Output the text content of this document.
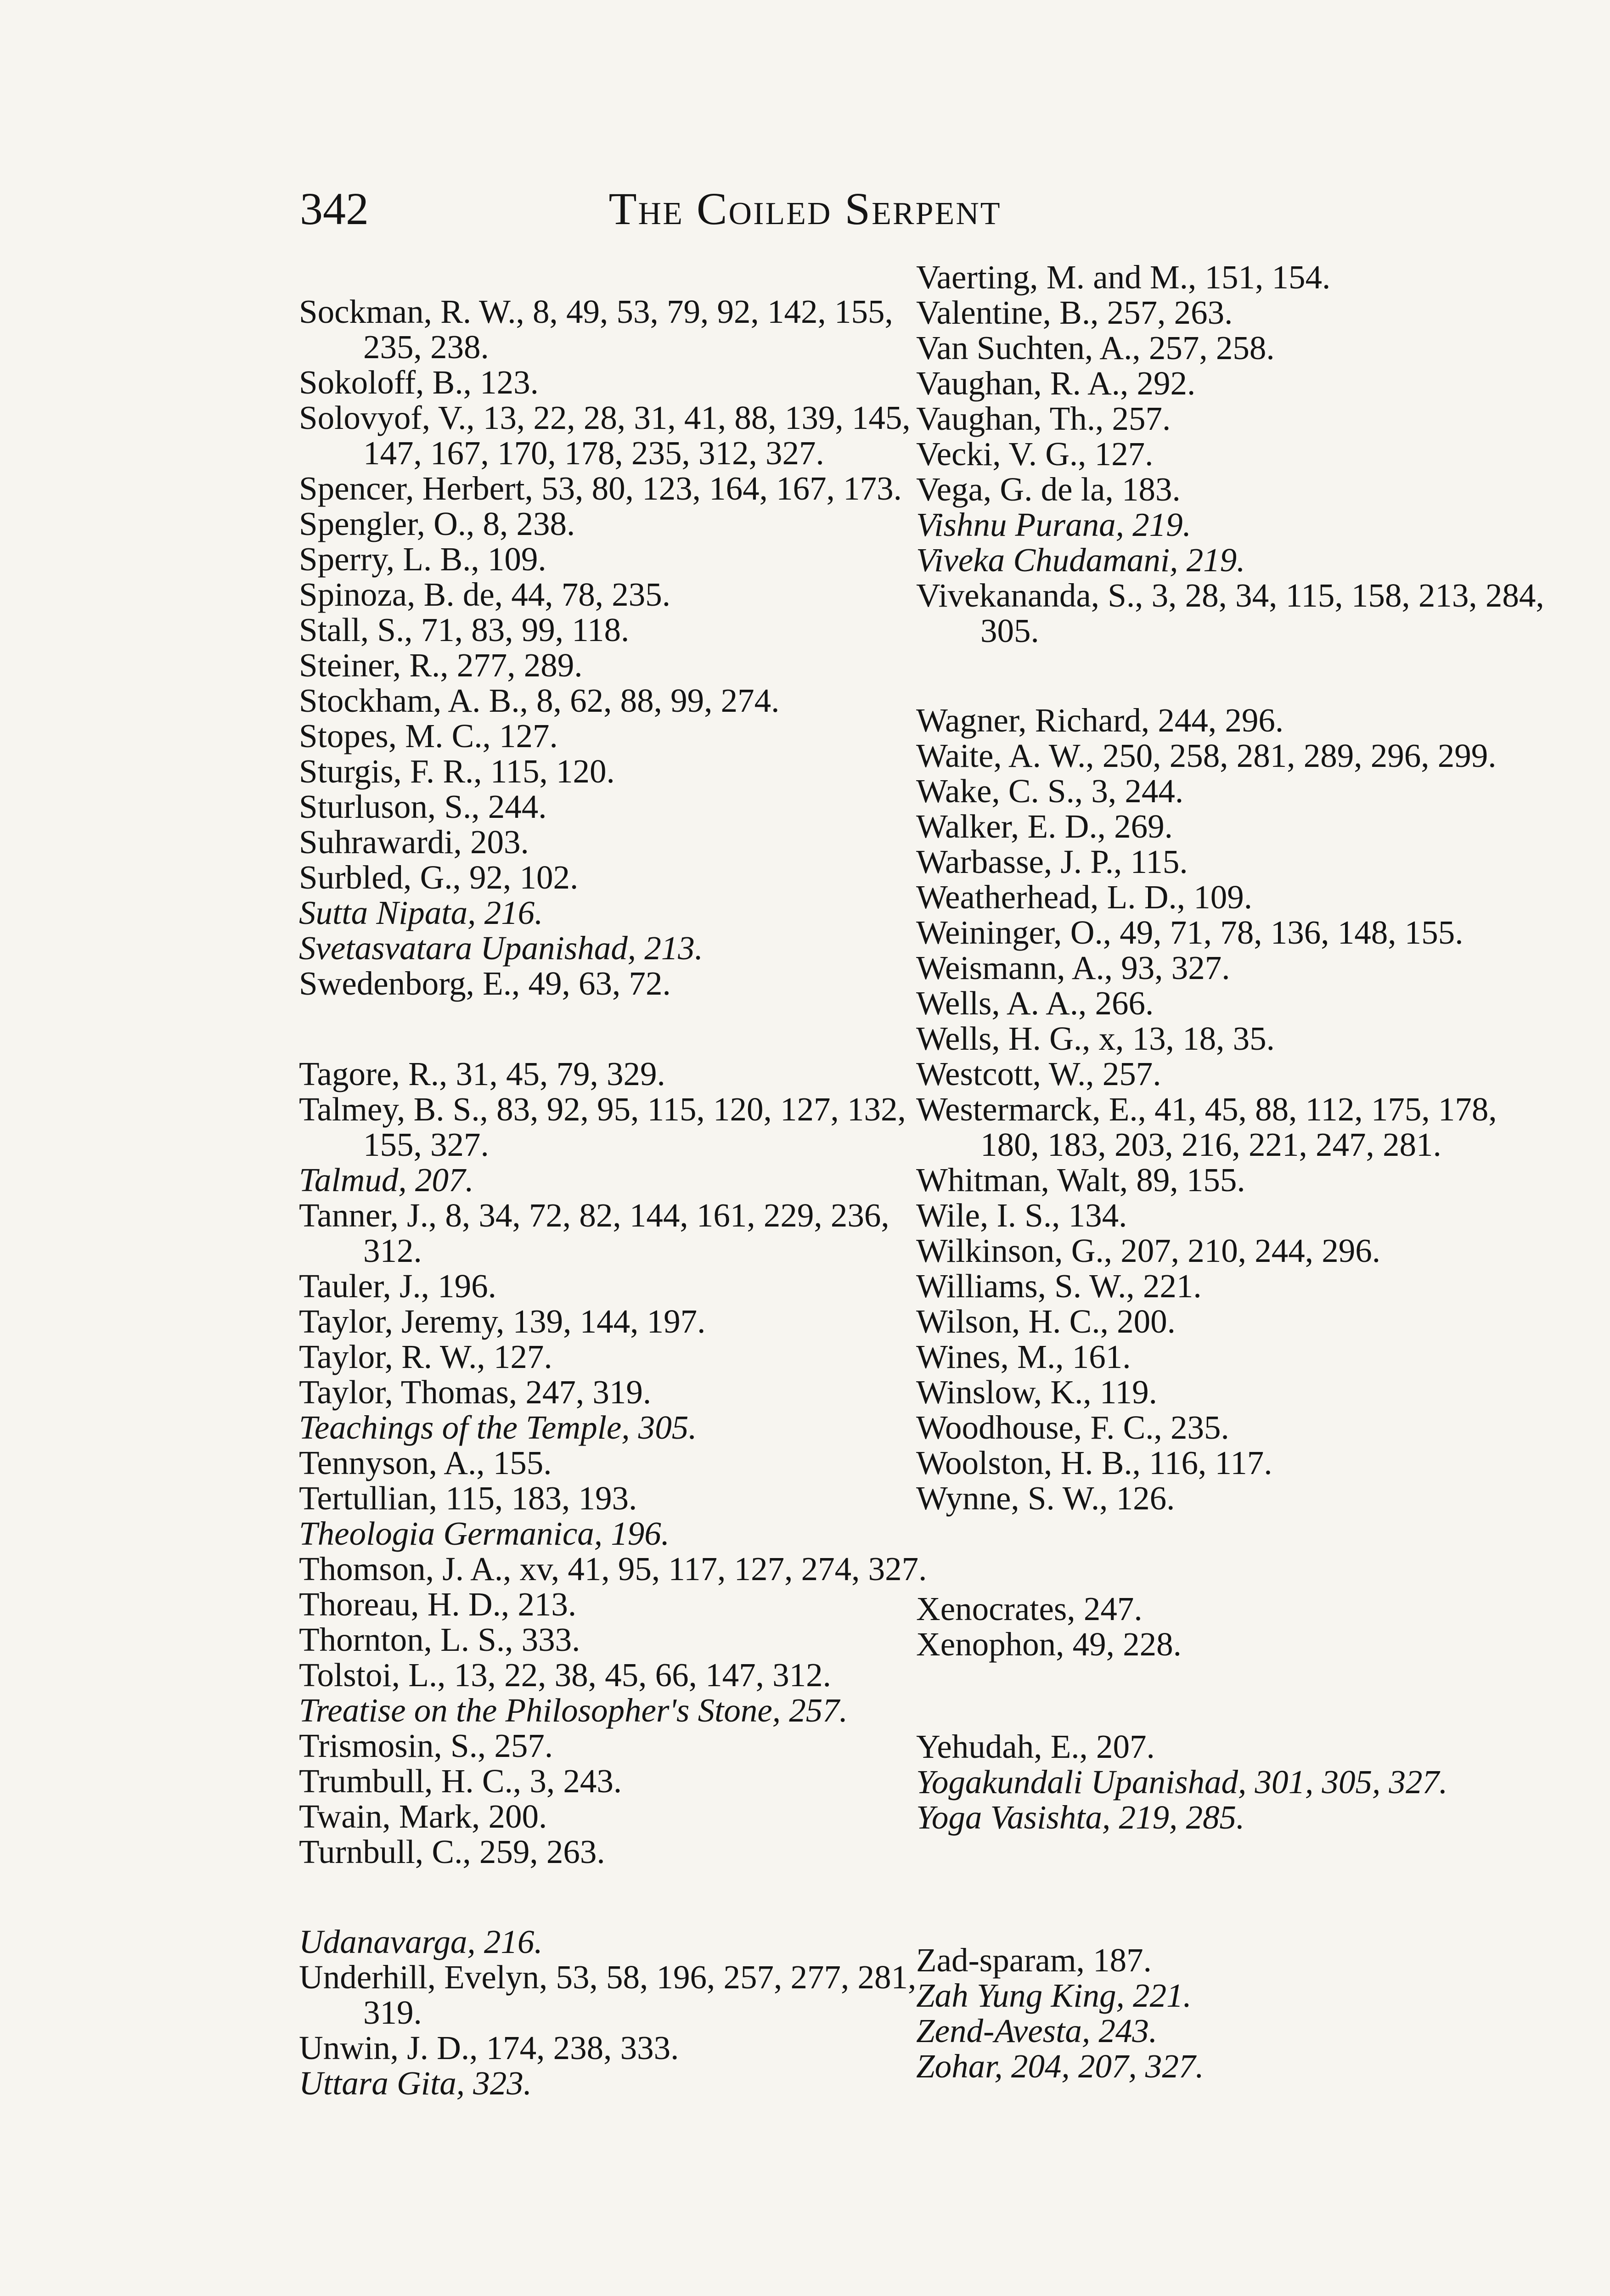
342	The Coiled Serpent

Sockman, R. W., 8, 49, 53, 79, 92, 142, 155, 235, 238.

Sokoloff, B., 123.

Solovyof, V., 13, 22, 28, 31, 41, 88, 139, 145, 147, 167, 170, 178, 235, 312, 327.

Spencer, Herbert, 53, 80, 123, 164, 167, 173.

Spengler, O., 8, 238.

Sperry, L. B., 109.

Spinoza, B. de, 44, 78, 235.

Stall, S., 71, 83, 99, 118.

Steiner, R., 277, 289.

Stockham, A. B., 8, 62, 88, 99, 274.

Stopes, M. C., 127.

Sturgis, F. R., 115, 120.

Sturluson, S., 244.

Suhrawardi, 203.

Surbled, G., 92, 102.

Sutta Nipata, 216.

Svetasvatara Upanishad, 213.

Swedenborg, E., 49, 63, 72.

Tagore, R., 31, 45, 79, 329.

Talmey, B. S., 83, 92, 95, 115, 120, 127, 132, 155, 327.

Talmud, 207.

Tanner, J., 8, 34, 72, 82, 144, 161, 229, 236, 312.

Tauler, J., 196.

Taylor, Jeremy, 139, 144, 197.

Taylor, R. W., 127.

Taylor, Thomas, 247, 319.

Teachings of the Temple, 305.

Tennyson, A., 155.

Tertullian, 115, 183, 193.

Theologia Germanica, 196.

Thomson, J. A., xv, 41, 95, 117, 127, 274, 327.

Thoreau, H. D., 213.

Thornton, L. S., 333.

Tolstoi, L., 13, 22, 38, 45, 66, 147, 312.

Treatise on the Philosopher's Stone, 257.

Trismosin, S., 257.

Trumbull, H. C., 3, 243.

Twain, Mark, 200.

Turnbull, C., 259, 263.

Udanavarga, 216.

Underhill, Evelyn, 53, 58, 196, 257, 277, 281, 319.

Unwin, J. D., 174, 238, 333.

Uttara Gita, 323.

Vaerting, M. and M., 151, 154.

Valentine, B., 257, 263.

Van Suchten, A., 257, 258.

Vaughan, R. A., 292.

Vaughan, Th., 257.

Vecki, V. G., 127.

Vega, G. de la, 183.

Vishnu Purana, 219.

Viveka Chudamani, 219.

Vivekananda, S., 3, 28, 34, 115, 158, 213, 284, 305.

Wagner, Richard, 244, 296.

Waite, A. W., 250, 258, 281, 289, 296, 299.

Wake, C. S., 3, 244.

Walker, E. D., 269.

Warbasse, J. P., 115.

Weatherhead, L. D., 109.

Weininger, O., 49, 71, 78, 136, 148, 155.

Weismann, A., 93, 327.

Wells, A. A., 266.

Wells, H. G., x, 13, 18, 35.

Westcott, W., 257.

Westermarck, E., 41, 45, 88, 112, 175, 178, 180, 183, 203, 216, 221, 247, 281.

Whitman, Walt, 89, 155.

Wile, I. S., 134.

Wilkinson, G., 207, 210, 244, 296.

Williams, S. W., 221.

Wilson, H. C., 200.

Wines, M., 161.

Winslow, K., 119.

Woodhouse, F. C., 235.

Woolston, H. B., 116, 117.

Wynne, S. W., 126.

Xenocrates, 247.

Xenophon, 49, 228.

Yehudah, E., 207.

Yogakundali Upanishad, 301, 305, 327.

Yoga Vasishta, 219, 285.

Zad-sparam, 187.

Zah Yung King, 221.

Zend-Avesta, 243.

Zohar, 204, 207, 327.
